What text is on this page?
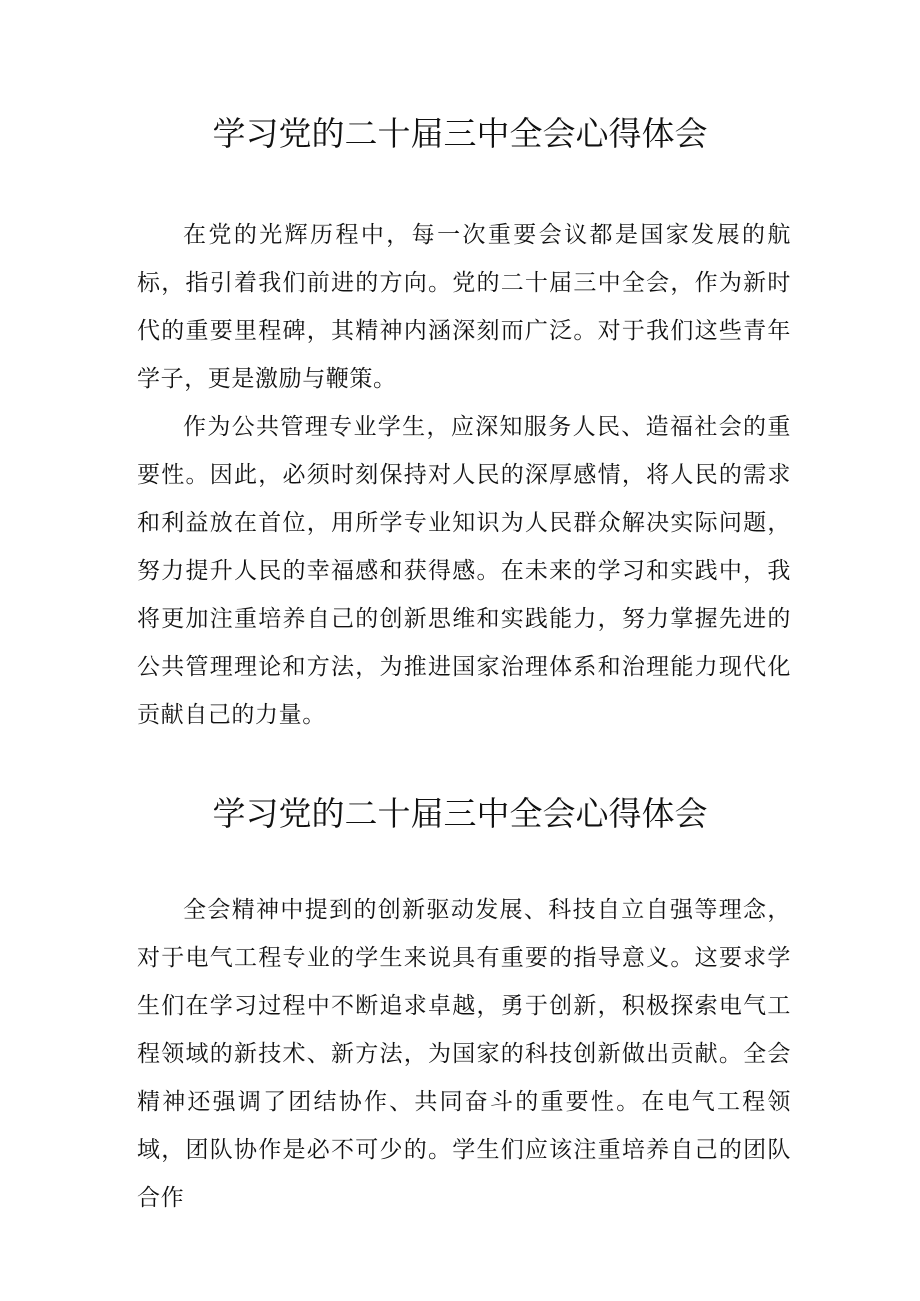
学习党的二十届三中全会心得体会

在党的光辉历程中，每一次重要会议都是国家发展的航标，指引着我们前进的方向。党的二十届三中全会，作为新时代的重要里程碑，其精神内涵深刻而广泛。对于我们这些青年学子，更是激励与鞭策。

作为公共管理专业学生，应深知服务人民、造福社会的重要性。因此，必须时刻保持对人民的深厚感情，将人民的需求和利益放在首位，用所学专业知识为人民群众解决实际问题，努力提升人民的幸福感和获得感。在未来的学习和实践中，我将更加注重培养自己的创新思维和实践能力，努力掌握先进的公共管理理论和方法，为推进国家治理体系和治理能力现代化贡献自己的力量。

学习党的二十届三中全会心得体会

全会精神中提到的创新驱动发展、科技自立自强等理念，对于电气工程专业的学生来说具有重要的指导意义。这要求学生们在学习过程中不断追求卓越，勇于创新，积极探索电气工程领域的新技术、新方法，为国家的科技创新做出贡献。全会精神还强调了团结协作、共同奋斗的重要性。在电气工程领域，团队协作是必不可少的。学生们应该注重培养自己的团队合作
